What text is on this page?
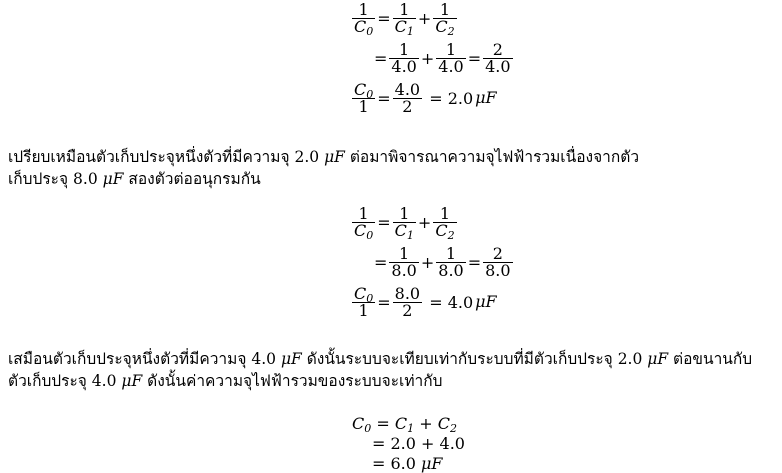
$\frac{1}{C_0} = \frac{1}{C_1} + \frac{1}{C_2}$
= $\frac{1}{4.0} + \frac{1}{4.0} = \frac{2}{4.0}$
$\frac{C_0}{1} = \frac{4.0}{2} = 2.0$ μF
เปรียบเหมือนตัวเก็บประจุหนึ่งตัวที่มีความจุ 2.0 μF ต่อมาพิจารณาความจุไฟฟ้ารวมเนื่องจากตัว
เก็บประจุ 8.0 μF สองตัวต่ออนุกรมกัน
$\frac{1}{C_0} = \frac{1}{C_1} + \frac{1}{C_2}$
= $\frac{1}{8.0} + \frac{1}{8.0} = \frac{2}{8.0}$
$\frac{C_0}{1} = \frac{8.0}{2} = 4.0$ μF
เสมือนตัวเก็บประจุหนึ่งตัวที่มีความจุ 4.0 μF ดังนั้นระบบจะเทียบเท่ากับระบบที่มีตัวเก็บประจุ 2.0 μF ต่อขนานกับ
ตัวเก็บประจุ 4.0 μF ดังนั้นค่าความจุไฟฟ้ารวมของระบบจะเท่ากับ
$C_0 = C_1 + C_2$
= 2.0 + 4.0
= 6.0 μF
